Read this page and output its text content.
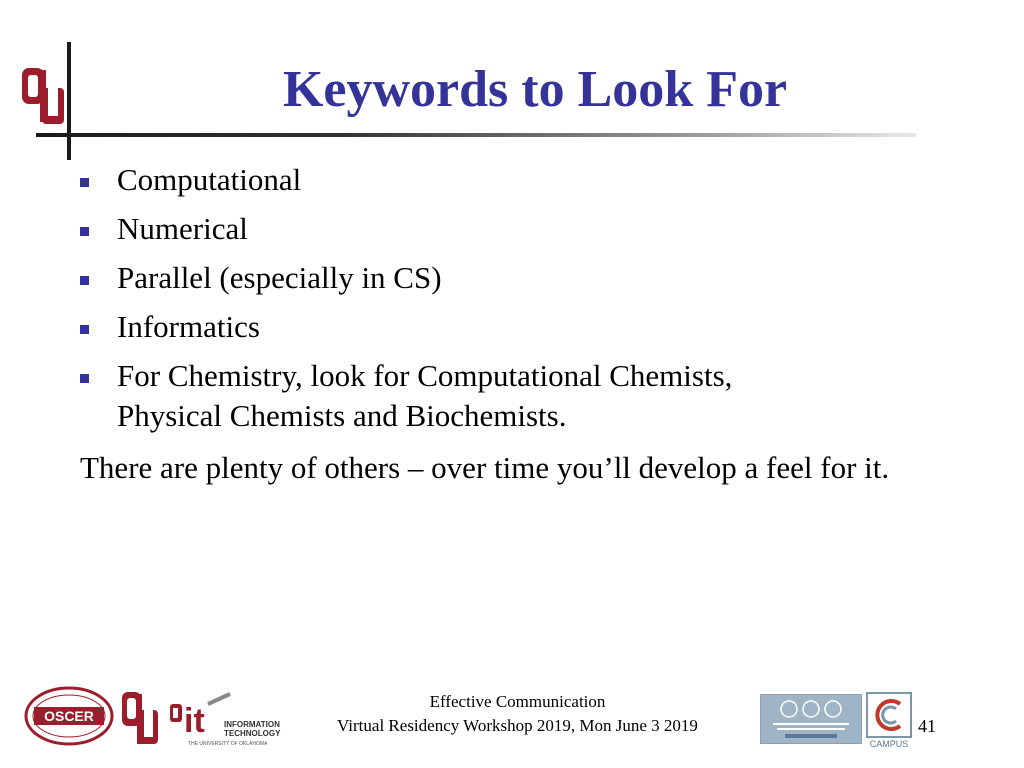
Keywords to Look For
Computational
Numerical
Parallel (especially in CS)
Informatics
For Chemistry, look for Computational Chemists,
Physical Chemists and Biochemists.
There are plenty of others – over time you’ll develop a feel for it.
OSCER	it INFORMATION
TECHNOLOGY
THE UNIVERSITY OF OKLAHOMA
Effective Communication
Virtual Residency Workshop 2019, Mon June 3 2019
CAMPUS
41
